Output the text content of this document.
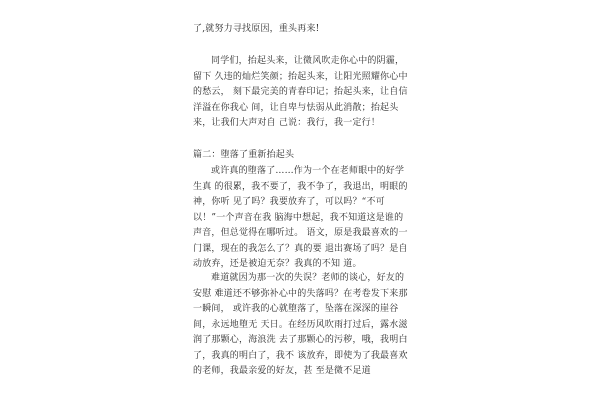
了,就努力寻找原因，重头再来!

同学们，抬起头来，让微风吹走你心中的阴霾，留下 久违的灿烂笑颜；抬起头来，让阳光照耀你心中的愁云， 刻下最完美的青春印记；抬起头来，让自信洋溢在你我心 间，让自卑与怯弱从此消散；抬起头来，让我们大声对自 己说：我行，我一定行！

篇二：堕落了重新抬起头

或许真的堕落了……作为一个在老师眼中的好学生真 的很累，我不要了，我不争了，我退出，明眼的神，你听 见了吗？我要放弃了，可以吗？“不可以！”一个声音在我 脑海中想起，我不知道这是谁的声音，但总觉得在哪听过。 语文，原是我最喜欢的一门课，现在的我怎么了？真的要 退出赛场了吗？是自动放弃，还是被迫无奈？我真的不知 道。

难道就因为那一次的失误？老师的谈心，好友的安慰 难道还不够弥补心中的失落吗？在考卷发下来那一瞬间， 或许我的心就堕落了，坠落在深深的崖谷间，永远地堕无 天日。在经历风吹雨打过后，露水滋润了那颗心，海浪洗 去了那颗心的污秽，哦，我明白了，我真的明白了，我不 该放弃，即使为了我最喜欢的老师，我最亲爱的好友，甚 至是微不足道
